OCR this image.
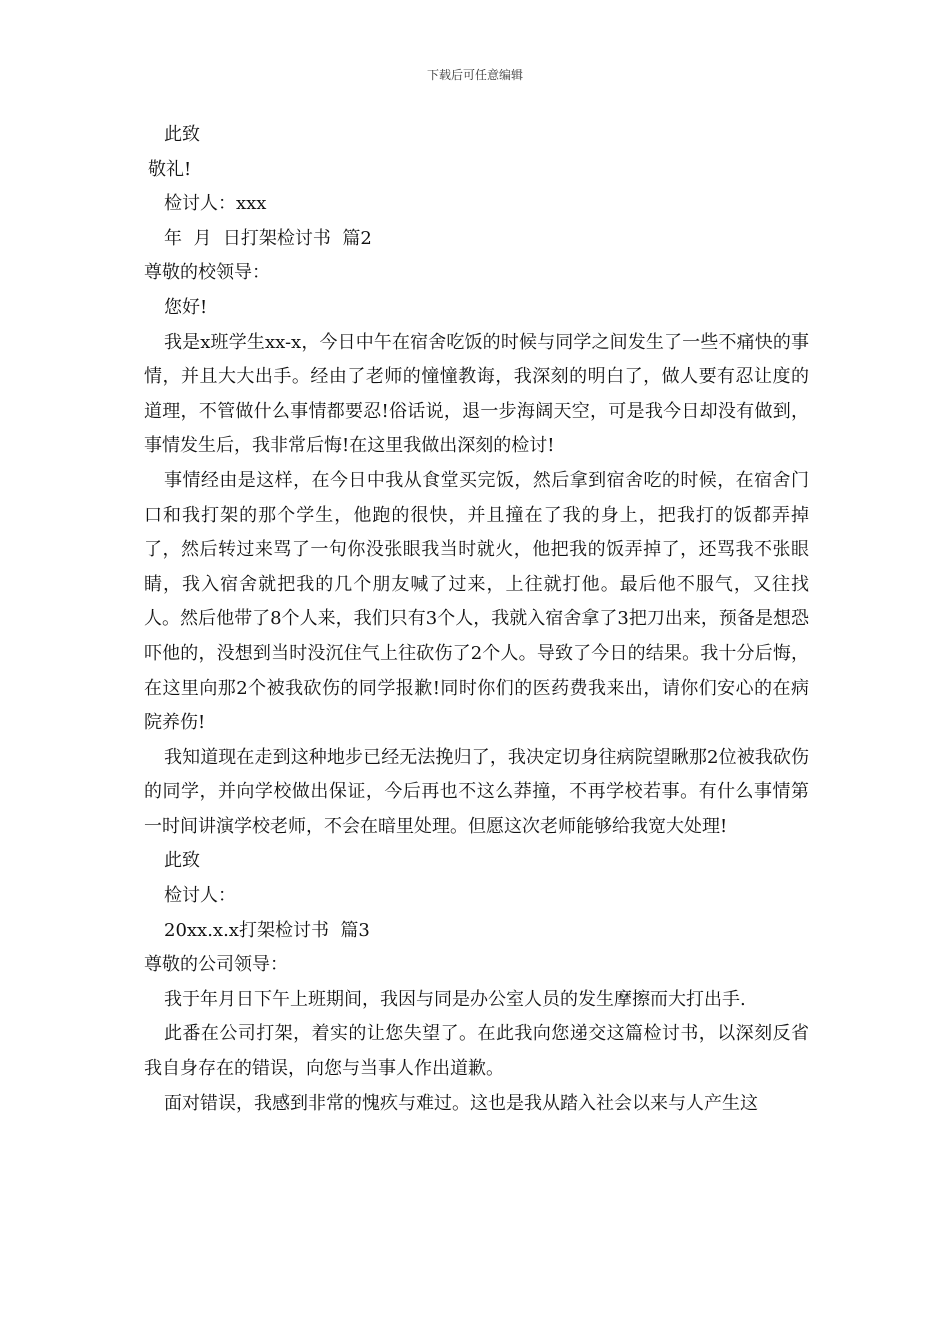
下载后可任意编辑
此致
敬礼!
检讨人：xxx
年  月  日打架检讨书  篇2
尊敬的校领导：
您好!

我是x班学生xx-x，今日中午在宿舍吃饭的时候与同学之间发生了一些不痛快的事情，并且大大出手。经由了老师的憧憧教诲，我深刻的明白了，做人要有忍让度的道理，不管做什么事情都要忍!俗话说，退一步海阔天空，可是我今日却没有做到，事情发生后，我非常后悔!在这里我做出深刻的检讨!

事情经由是这样，在今日中我从食堂买完饭，然后拿到宿舍吃的时候，在宿舍门口和我打架的那个学生，他跑的很快，并且撞在了我的身上，把我打的饭都弄掉了，然后转过来骂了一句你没张眼我当时就火，他把我的饭弄掉了，还骂我不张眼睛，我入宿舍就把我的几个朋友喊了过来，上往就打他。最后他不服气，又往找人。然后他带了8个人来，我们只有3个人，我就入宿舍拿了3把刀出来，预备是想恐吓他的，没想到当时没沉住气上往砍伤了2个人。导致了今日的结果。我十分后悔，在这里向那2个被我砍伤的同学报歉!同时你们的医药费我来出，请你们安心的在病院养伤!

我知道现在走到这种地步已经无法挽归了，我决定切身往病院望瞅那2位被我砍伤的同学，并向学校做出保证，今后再也不这么莽撞，不再学校若事。有什么事情第一时间讲演学校老师，不会在暗里处理。但愿这次老师能够给我宽大处理!

此致
检讨人：
20xx.x.x打架检讨书  篇3
尊敬的公司领导：
我于年月日下午上班期间，我因与同是办公室人员的发生摩擦而大打出手.

此番在公司打架，着实的让您失望了。在此我向您递交这篇检讨书，以深刻反省我自身存在的错误，向您与当事人作出道歉。

面对错误，我感到非常的愧疚与难过。这也是我从踏入社会以来与人产生这
